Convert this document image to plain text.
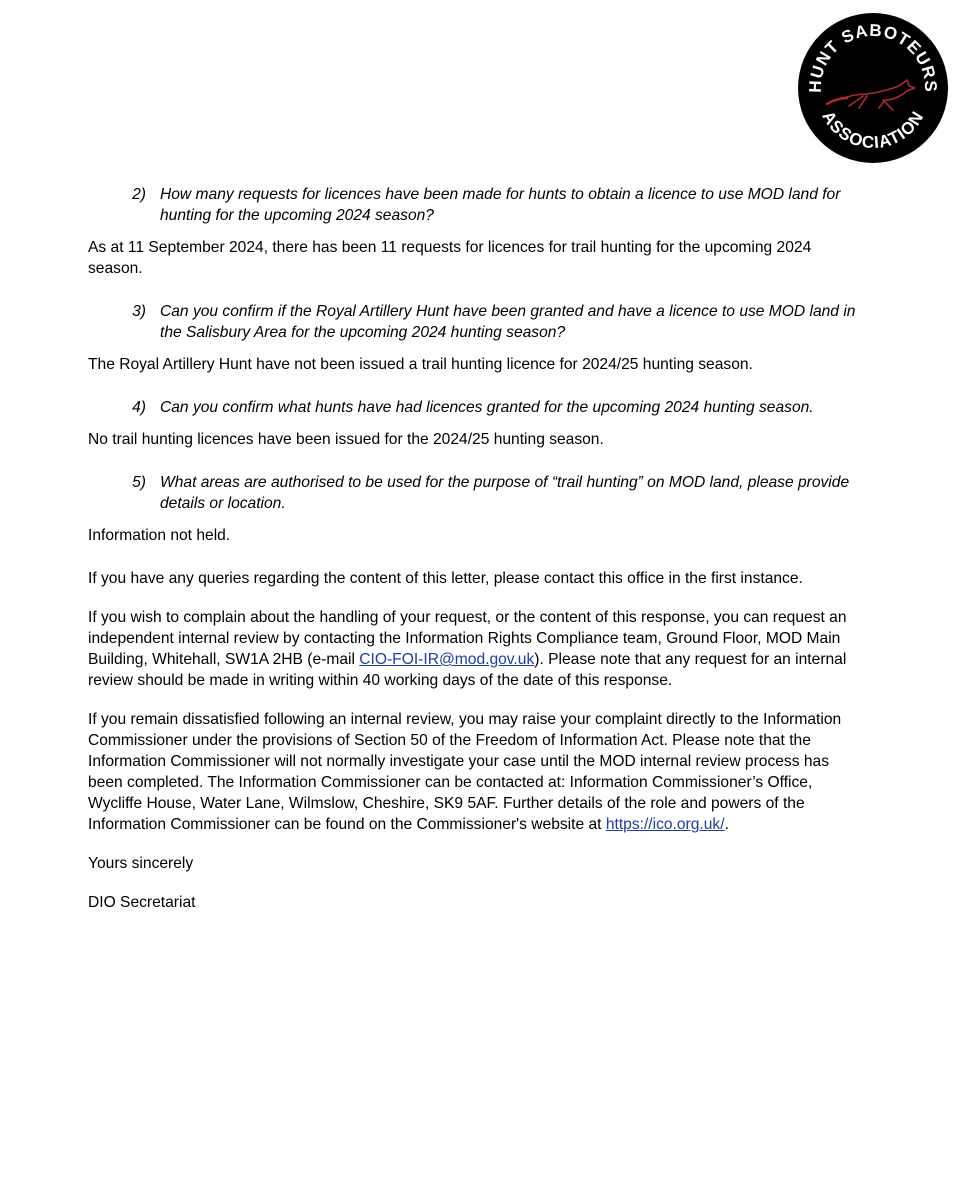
HUNT SABOTEURS
ASSOCIATION
2) How many requests for licences have been made for hunts to obtain a licence to use MOD land for hunting for the upcoming 2024 season?

As at 11 September 2024, there has been 11 requests for licences for trail hunting for the upcoming 2024 season.

3) Can you confirm if the Royal Artillery Hunt have been granted and have a licence to use MOD land in the Salisbury Area for the upcoming 2024 hunting season?

The Royal Artillery Hunt have not been issued a trail hunting licence for 2024/25 hunting season.

4) Can you confirm what hunts have had licences granted for the upcoming 2024 hunting season.

No trail hunting licences have been issued for the 2024/25 hunting season.

5) What areas are authorised to be used for the purpose of “trail hunting” on MOD land, please provide details or location.

Information not held.

If you have any queries regarding the content of this letter, please contact this office in the first instance.

If you wish to complain about the handling of your request, or the content of this response, you can request an independent internal review by contacting the Information Rights Compliance team, Ground Floor, MOD Main Building, Whitehall, SW1A 2HB (e-mail CIO-FOI-IR@mod.gov.uk). Please note that any request for an internal review should be made in writing within 40 working days of the date of this response.

If you remain dissatisfied following an internal review, you may raise your complaint directly to the Information Commissioner under the provisions of Section 50 of the Freedom of Information Act. Please note that the Information Commissioner will not normally investigate your case until the MOD internal review process has been completed. The Information Commissioner can be contacted at: Information Commissioner’s Office, Wycliffe House, Water Lane, Wilmslow, Cheshire, SK9 5AF. Further details of the role and powers of the Information Commissioner can be found on the Commissioner's website at https://ico.org.uk/.

Yours sincerely

DIO Secretariat
